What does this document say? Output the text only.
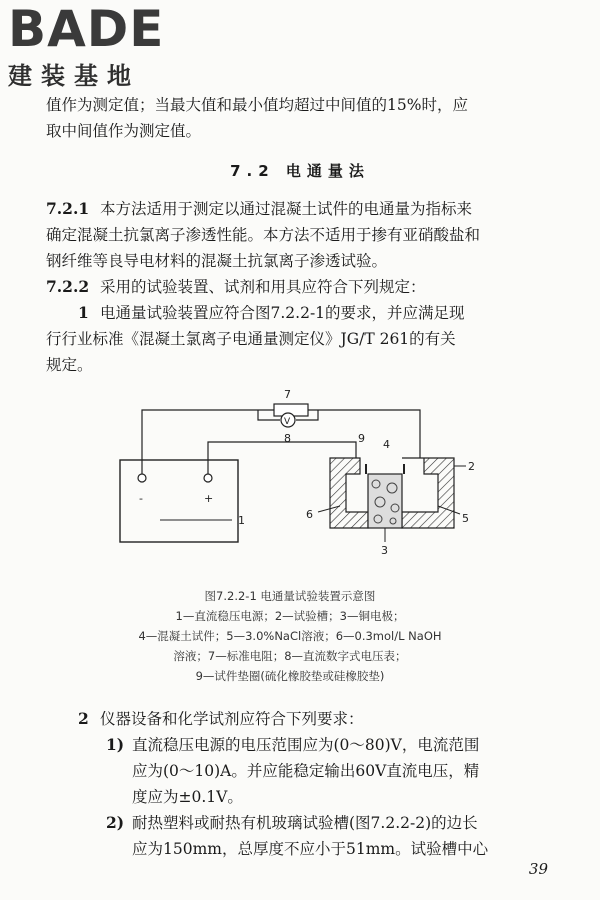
BADE
建装基地
值作为测定值；当最大值和最小值均超过中间值的15%时，应
取中间值作为测定值。
7.2 电通量法
7.2.1 本方法适用于测定以通过混凝土试件的电通量为指标来
确定混凝土抗氯离子渗透性能。本方法不适用于掺有亚硝酸盐和
钢纤维等良导电材料的混凝土抗氯离子渗透试验。
7.2.2 采用的试验装置、试剂和用具应符合下列规定：
1 电通量试验装置应符合图7.2.2-1的要求，并应满足现
行行业标准《混凝土氯离子电通量测定仪》JG/T 261的有关
规定。
-	+
V
1
2
3
4
5
6
7
8	9
图7.2.2-1 电通量试验装置示意图
1—直流稳压电源；2—试验槽；3—铜电极；
4—混凝土试件；5—3.0%NaCl溶液；6—0.3mol/L NaOH
溶液；7—标准电阻；8—直流数字式电压表；
9—试件垫圈(硫化橡胶垫或硅橡胶垫)
2 仪器设备和化学试剂应符合下列要求：
1) 直流稳压电源的电压范围应为(0～80)V，电流范围
应为(0～10)A。并应能稳定输出60V直流电压，精
度应为±0.1V。
2) 耐热塑料或耐热有机玻璃试验槽(图7.2.2-2)的边长
应为150mm，总厚度不应小于51mm。试验槽中心
39
